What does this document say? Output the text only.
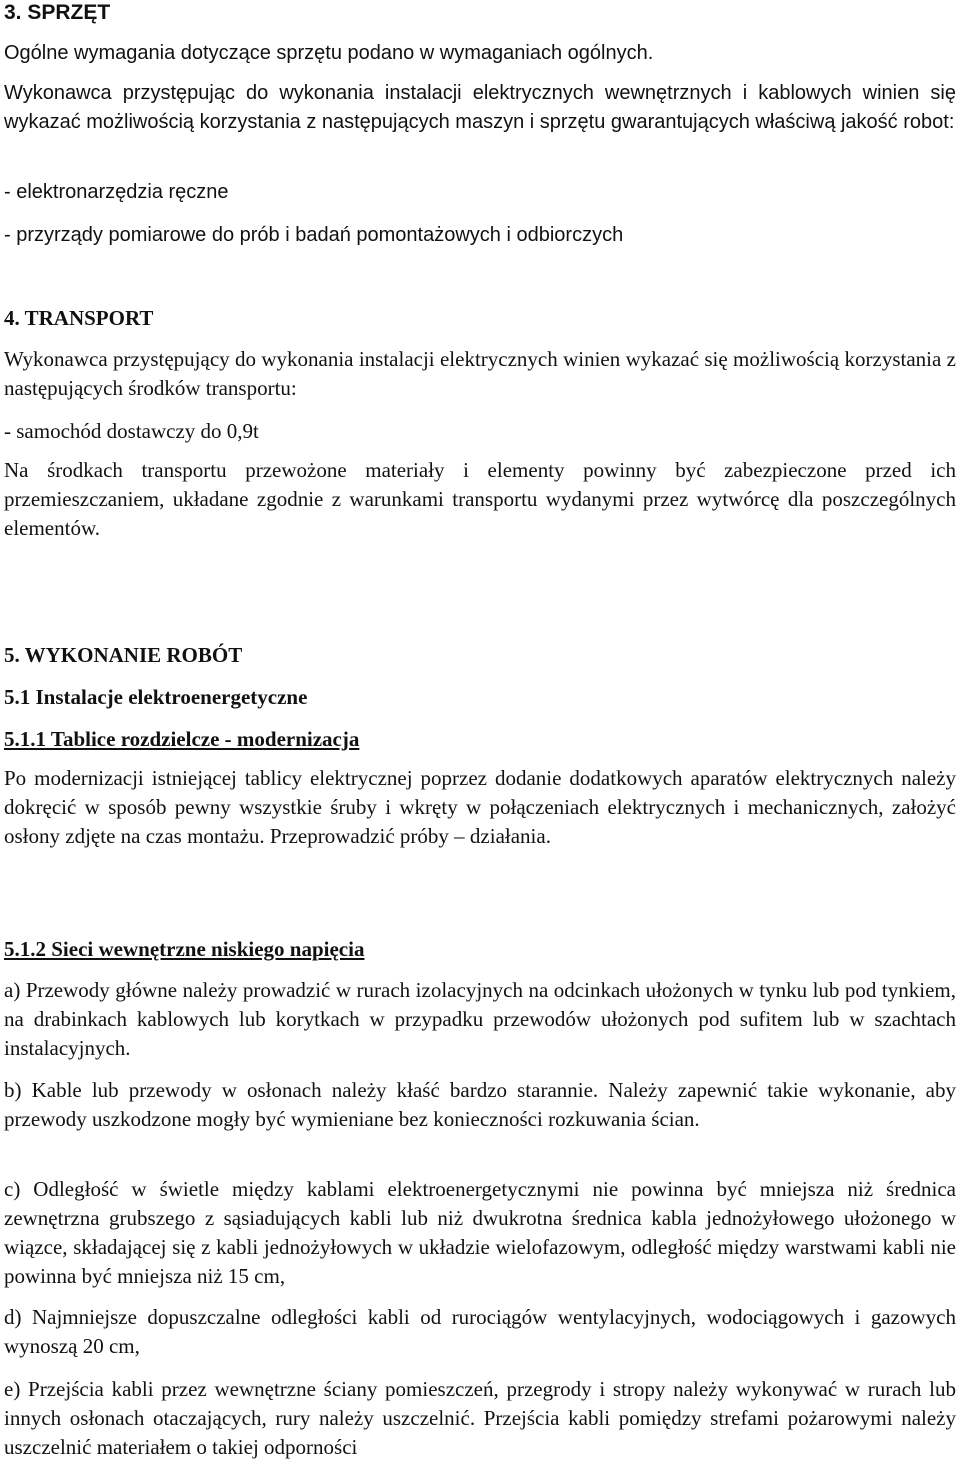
3. SPRZĘT
Ogólne wymagania dotyczące sprzętu podano w wymaganiach ogólnych.
Wykonawca przystępując do wykonania instalacji elektrycznych wewnętrznych i kablowych winien się wykazać możliwością korzystania z następujących maszyn i sprzętu gwarantujących właściwą jakość robot:
- elektronarzędzia ręczne
- przyrządy pomiarowe do prób i badań pomontażowych i odbiorczych
4. TRANSPORT
Wykonawca przystępujący do wykonania instalacji elektrycznych winien wykazać się możliwością korzystania z następujących środków transportu:
- samochód dostawczy do 0,9t
Na środkach transportu przewożone materiały i elementy powinny być zabezpieczone przed ich przemieszczaniem, układane zgodnie z warunkami transportu wydanymi przez wytwórcę dla poszczególnych elementów.
5. WYKONANIE ROBÓT
5.1 Instalacje elektroenergetyczne
5.1.1 Tablice rozdzielcze - modernizacja
Po modernizacji istniejącej tablicy elektrycznej poprzez dodanie dodatkowych aparatów elektrycznych należy dokręcić w sposób pewny wszystkie śruby i wkręty w połączeniach elektrycznych i mechanicznych, założyć osłony zdjęte na czas montażu. Przeprowadzić próby – działania.
5.1.2 Sieci wewnętrzne niskiego napięcia
a) Przewody główne należy prowadzić w rurach izolacyjnych na odcinkach ułożonych w tynku lub pod tynkiem, na drabinkach kablowych lub korytkach w przypadku przewodów ułożonych pod sufitem lub w szachtach instalacyjnych.
b) Kable lub przewody w osłonach należy kłaść bardzo starannie. Należy zapewnić takie wykonanie, aby przewody uszkodzone mogły być wymieniane bez konieczności rozkuwania ścian.
c) Odległość w świetle między kablami elektroenergetycznymi nie powinna być mniejsza niż średnica zewnętrzna grubszego z sąsiadujących kabli lub niż dwukrotna średnica kabla jednożyłowego ułożonego w wiązce, składającej się z kabli jednożyłowych w układzie wielofazowym, odległość między warstwami kabli nie powinna być mniejsza niż 15 cm,
d) Najmniejsze dopuszczalne odległości kabli od rurociągów wentylacyjnych, wodociągowych i gazowych wynoszą 20 cm,
e) Przejścia kabli przez wewnętrzne ściany pomieszczeń, przegrody i stropy należy wykonywać w rurach lub innych osłonach otaczających, rury należy uszczelnić. Przejścia kabli pomiędzy strefami pożarowymi należy uszczelnić materiałem o takiej odporności
